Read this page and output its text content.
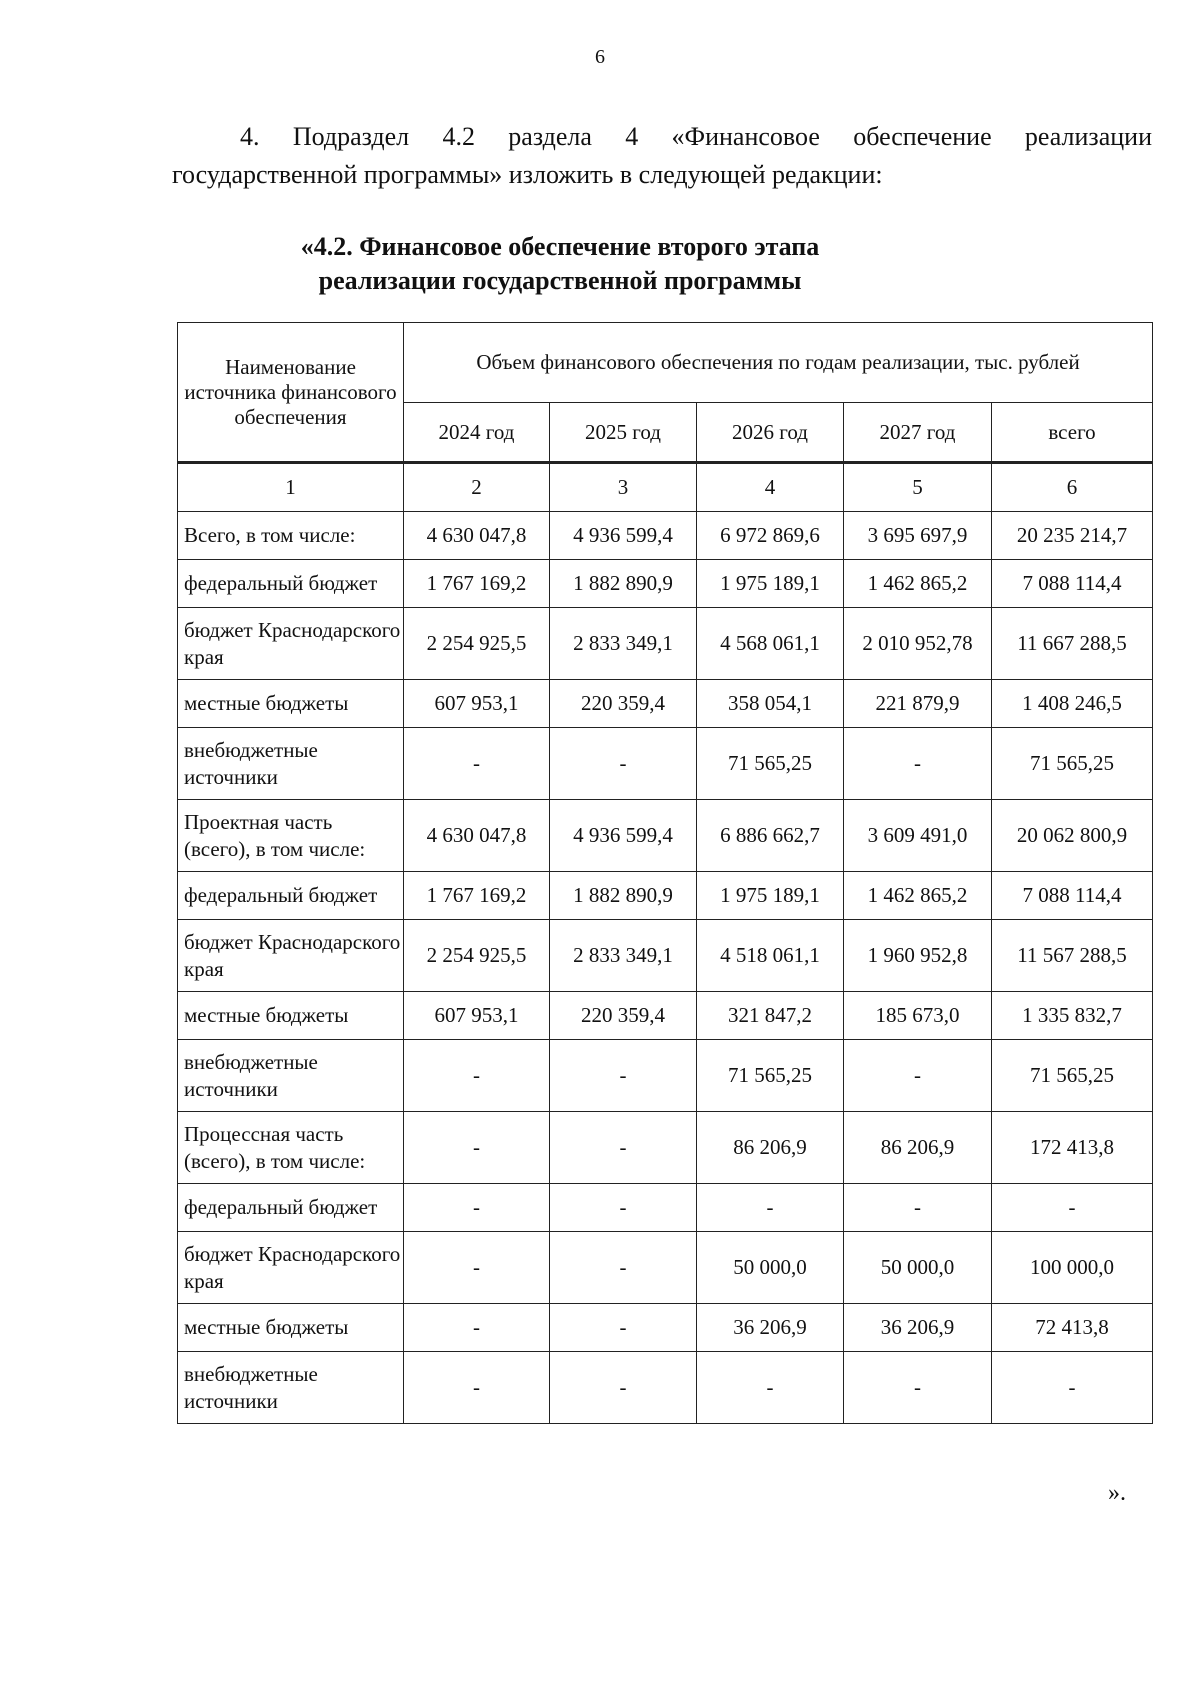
6

4. Подраздел 4.2 раздела 4 «Финансовое обеспечение реализации государственной программы» изложить в следующей редакции:

«4.2. Финансовое обеспечение второго этапа
реализации государственной программы
Наименование источника финансового обеспечения	Объем финансового обеспечения по годам реализации, тыс. рублей				
	2024 год	2025 год	2026 год	2027 год	всего
1	2	3	4	5	6
Всего, в том числе:	4 630 047,8	4 936 599,4	6 972 869,6	3 695 697,9	20 235 214,7
федеральный бюджет	1 767 169,2	1 882 890,9	1 975 189,1	1 462 865,2	7 088 114,4
бюджет Краснодарского края	2 254 925,5	2 833 349,1	4 568 061,1	2 010 952,78	11 667 288,5
местные бюджеты	607 953,1	220 359,4	358 054,1	221 879,9	1 408 246,5
внебюджетные источники	-	-	71 565,25	-	71 565,25
Проектная часть (всего), в том числе:	4 630 047,8	4 936 599,4	6 886 662,7	3 609 491,0	20 062 800,9
федеральный бюджет	1 767 169,2	1 882 890,9	1 975 189,1	1 462 865,2	7 088 114,4
бюджет Краснодарского края	2 254 925,5	2 833 349,1	4 518 061,1	1 960 952,8	11 567 288,5
местные бюджеты	607 953,1	220 359,4	321 847,2	185 673,0	1 335 832,7
внебюджетные источники	-	-	71 565,25	-	71 565,25
Процессная часть (всего), в том числе:	-	-	86 206,9	86 206,9	172 413,8
федеральный бюджет	-	-	-	-	-
бюджет Краснодарского края	-	-	50 000,0	50 000,0	100 000,0
местные бюджеты	-	-	36 206,9	36 206,9	72 413,8
внебюджетные источники	-	-	-	-	-
».
